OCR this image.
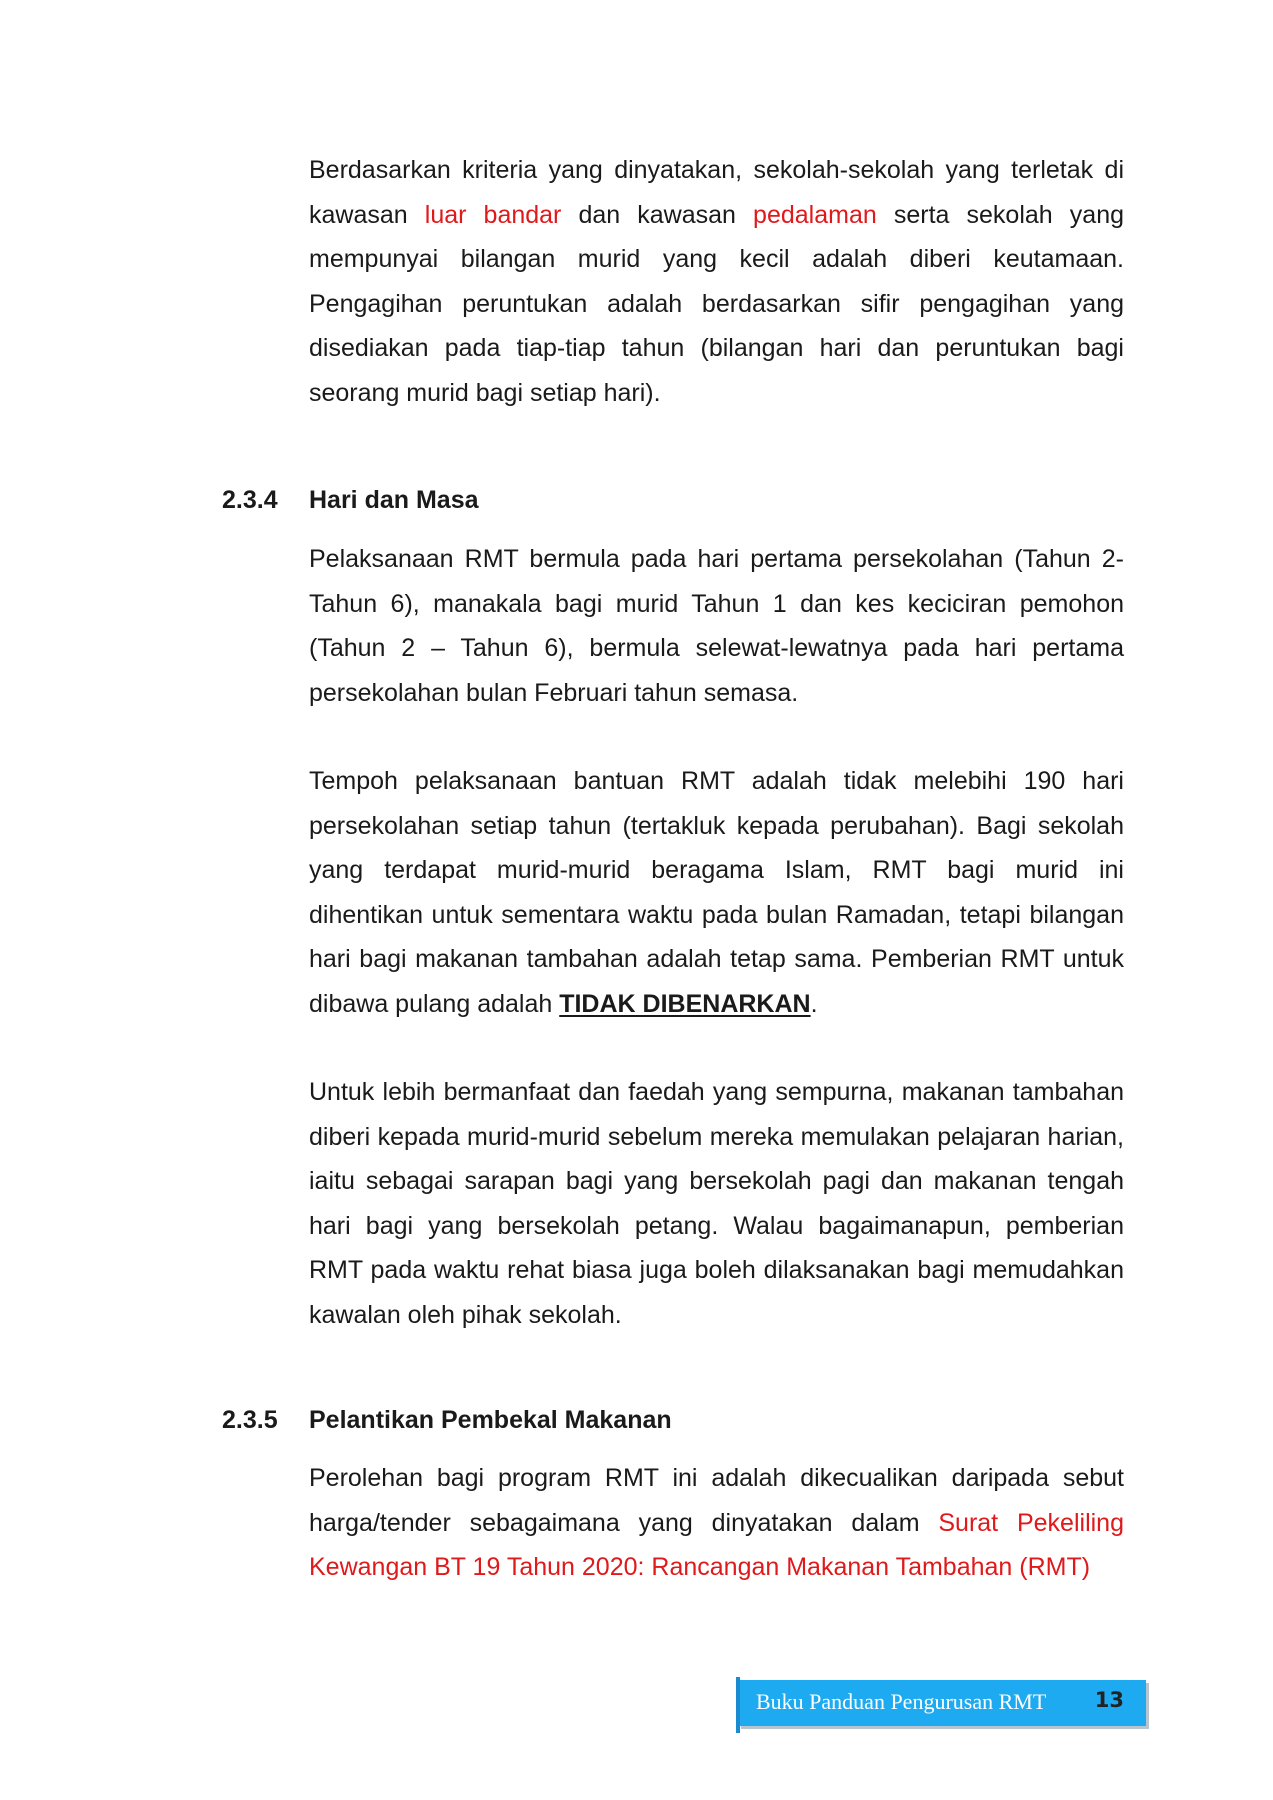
Berdasarkan kriteria yang dinyatakan, sekolah-sekolah yang terletak di kawasan luar bandar dan kawasan pedalaman serta sekolah yang mempunyai bilangan murid yang kecil adalah diberi keutamaan. Pengagihan peruntukan adalah berdasarkan sifir pengagihan yang disediakan pada tiap-tiap tahun (bilangan hari dan peruntukan bagi seorang murid bagi setiap hari).

2.3.4 Hari dan Masa

Pelaksanaan RMT bermula pada hari pertama persekolahan (Tahun 2-Tahun 6), manakala bagi murid Tahun 1 dan kes keciciran pemohon (Tahun 2 – Tahun 6), bermula selewat-lewatnya pada hari pertama persekolahan bulan Februari tahun semasa.

Tempoh pelaksanaan bantuan RMT adalah tidak melebihi 190 hari persekolahan setiap tahun (tertakluk kepada perubahan). Bagi sekolah yang terdapat murid-murid beragama Islam, RMT bagi murid ini dihentikan untuk sementara waktu pada bulan Ramadan, tetapi bilangan hari bagi makanan tambahan adalah tetap sama. Pemberian RMT untuk dibawa pulang adalah TIDAK DIBENARKAN.

Untuk lebih bermanfaat dan faedah yang sempurna, makanan tambahan diberi kepada murid-murid sebelum mereka memulakan pelajaran harian, iaitu sebagai sarapan bagi yang bersekolah pagi dan makanan tengah hari bagi yang bersekolah petang. Walau bagaimanapun, pemberian RMT pada waktu rehat biasa juga boleh dilaksanakan bagi memudahkan kawalan oleh pihak sekolah.

2.3.5 Pelantikan Pembekal Makanan

Perolehan bagi program RMT ini adalah dikecualikan daripada sebut harga/tender sebagaimana yang dinyatakan dalam Surat Pekeliling Kewangan BT 19 Tahun 2020: Rancangan Makanan Tambahan (RMT)

Buku Panduan Pengurusan RMT 13
